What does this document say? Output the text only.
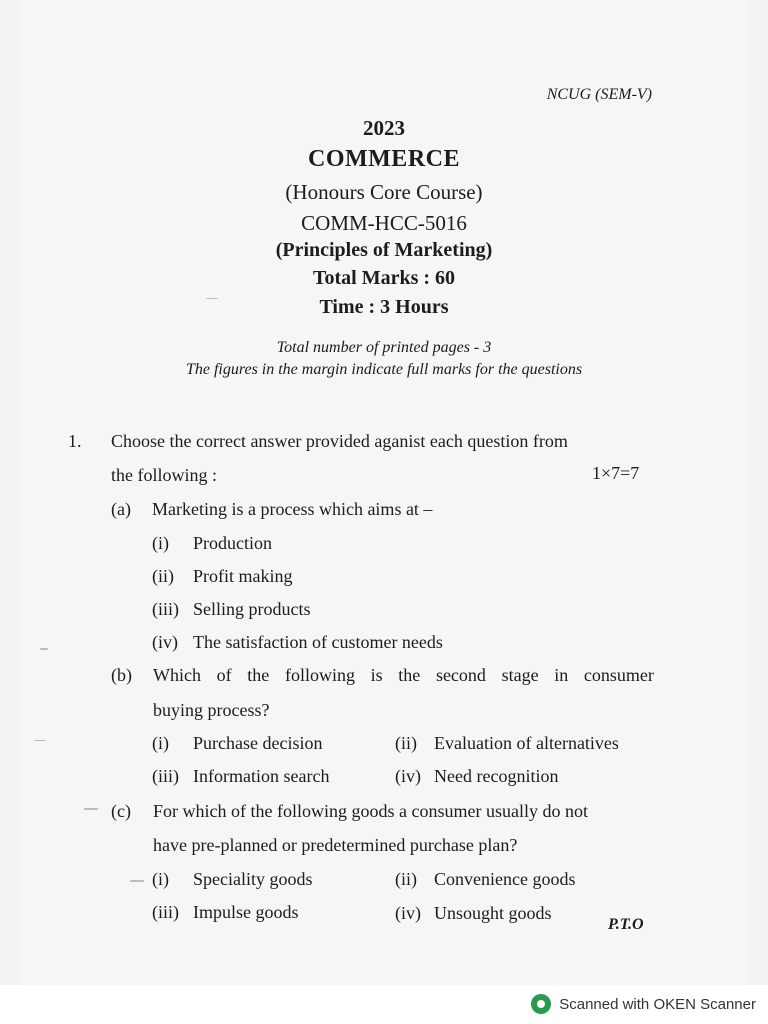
NCUG (SEM-V)
2023
COMMERCE
(Honours Core Course)
COMM-HCC-5016
(Principles of Marketing)
Total Marks : 60
Time : 3 Hours
Total number of printed pages - 3
The figures in the margin indicate full marks for the questions
1. Choose the correct answer provided aganist each question from
the following :	1×7=7
(a) Marketing is a process which aims at –
(i) Production
(ii) Profit making
(iii) Selling products
(iv) The satisfaction of customer needs
(b) Which of the following is the second stage in consumer
buying process?
(i) Purchase decision	(ii) Evaluation of alternatives
(iii) Information search	(iv) Need recognition
(c) For which of the following goods a consumer usually do not
have pre-planned or predetermined purchase plan?
(i) Speciality goods	(ii) Convenience goods
(iii) Impulse goods	(iv) Unsought goods
P.T.O
Scanned with OKEN Scanner
